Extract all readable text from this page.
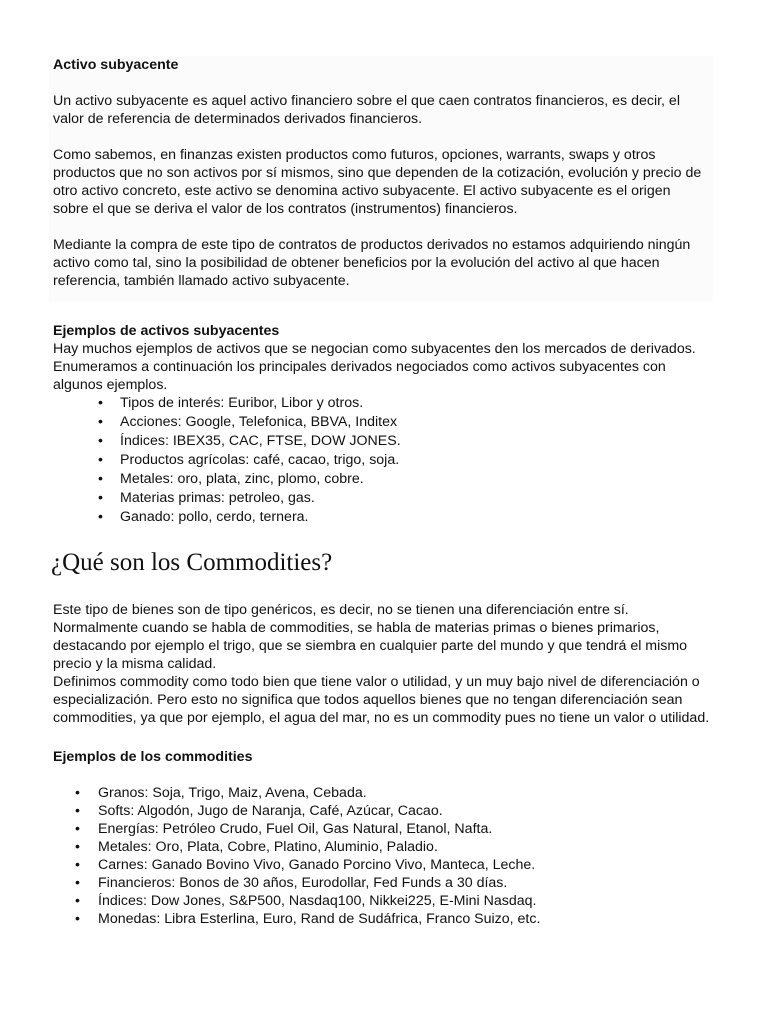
Activo subyacente

Un activo subyacente es aquel activo financiero sobre el que caen contratos financieros, es decir, el valor de referencia de determinados derivados financieros.

Como sabemos, en finanzas existen productos como futuros, opciones, warrants, swaps y otros productos que no son activos por sí mismos, sino que dependen de la cotización, evolución y precio de otro activo concreto, este activo se denomina activo subyacente. El activo subyacente es el origen sobre el que se deriva el valor de los contratos (instrumentos) financieros.

Mediante la compra de este tipo de contratos de productos derivados no estamos adquiriendo ningún activo como tal, sino la posibilidad de obtener beneficios por la evolución del activo al que hacen referencia, también llamado activo subyacente.

Ejemplos de activos subyacentes

Hay muchos ejemplos de activos que se negocian como subyacentes den los mercados de derivados. Enumeramos a continuación los principales derivados negociados como activos subyacentes con algunos ejemplos.

• Tipos de interés: Euribor, Libor y otros.
• Acciones: Google, Telefonica, BBVA, Inditex
• Índices: IBEX35, CAC, FTSE, DOW JONES.
• Productos agrícolas: café, cacao, trigo, soja.
• Metales: oro, plata, zinc, plomo, cobre.
• Materias primas: petroleo, gas.
• Ganado: pollo, cerdo, ternera.
¿Qué son los Commodities?

Este tipo de bienes son de tipo genéricos, es decir, no se tienen una diferenciación entre sí. Normalmente cuando se habla de commodities, se habla de materias primas o bienes primarios, destacando por ejemplo el trigo, que se siembra en cualquier parte del mundo y que tendrá el mismo precio y la misma calidad.

Definimos commodity como todo bien que tiene valor o utilidad, y un muy bajo nivel de diferenciación o especialización. Pero esto no significa que todos aquellos bienes que no tengan diferenciación sean commodities, ya que por ejemplo, el agua del mar, no es un commodity pues no tiene un valor o utilidad.

Ejemplos de los commodities
• Granos: Soja, Trigo, Maiz, Avena, Cebada.
• Softs: Algodón, Jugo de Naranja, Café, Azúcar, Cacao.
• Energías: Petróleo Crudo, Fuel Oil, Gas Natural, Etanol, Nafta.
• Metales: Oro, Plata, Cobre, Platino, Aluminio, Paladio.
• Carnes: Ganado Bovino Vivo, Ganado Porcino Vivo, Manteca, Leche.
• Financieros: Bonos de 30 años, Eurodollar, Fed Funds a 30 días.
• Índices: Dow Jones, S&P500, Nasdaq100, Nikkei225, E-Mini Nasdaq.
• Monedas: Libra Esterlina, Euro, Rand de Sudáfrica, Franco Suizo, etc.
